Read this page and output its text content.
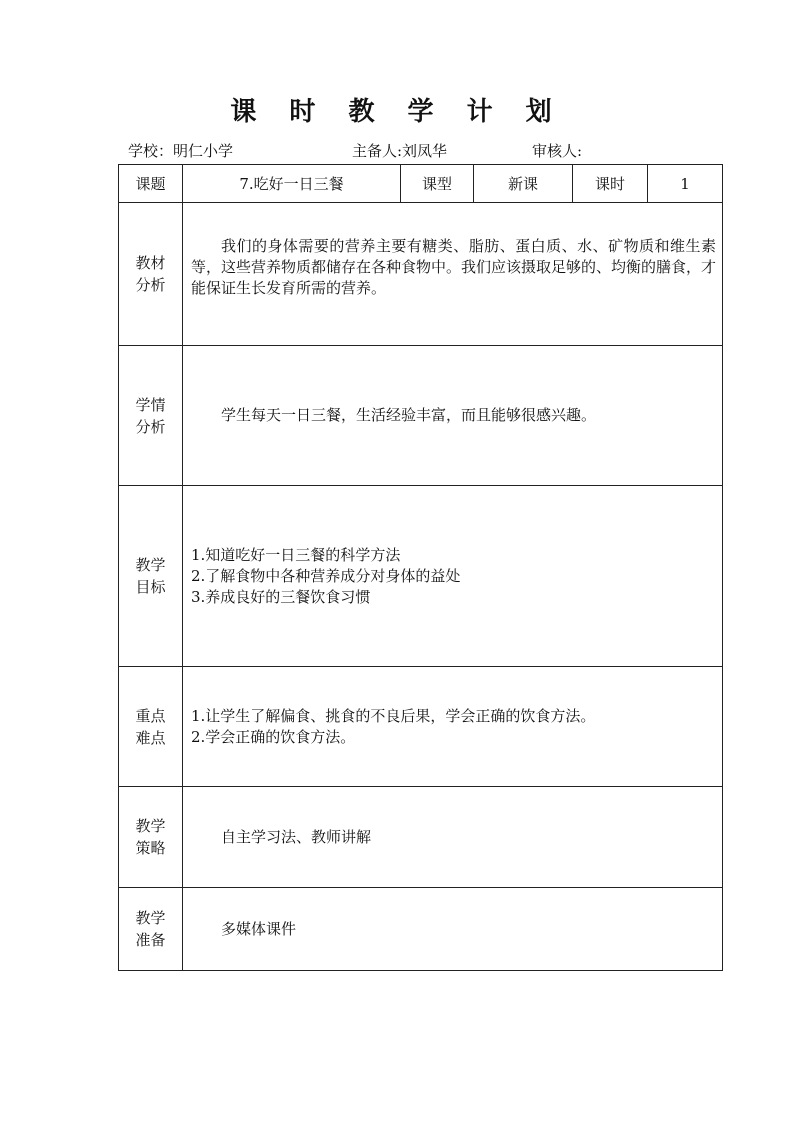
课 时 教 学 计 划
学校：明仁小学	主备人:刘凤华	审核人:
课题	7.吃好一日三餐	课型	新课	课时	1

教材
分析	我们的身体需要的营养主要有糖类、脂肪、蛋白质、水、矿物质和维生素等，这些营养物质都储存在各种食物中。我们应该摄取足够的、均衡的膳食，才能保证生长发育所需的营养。				

学情
分析	学生每天一日三餐，生活经验丰富，而且能够很感兴趣。				

教学
目标	1.知道吃好一日三餐的科学方法
2.了解食物中各种营养成分对身体的益处
3.养成良好的三餐饮食习惯				

重点
难点	1.让学生了解偏食、挑食的不良后果，学会正确的饮食方法。
2.学会正确的饮食方法。				

教学
策略	自主学习法、教师讲解				

教学
准备	多媒体课件				
